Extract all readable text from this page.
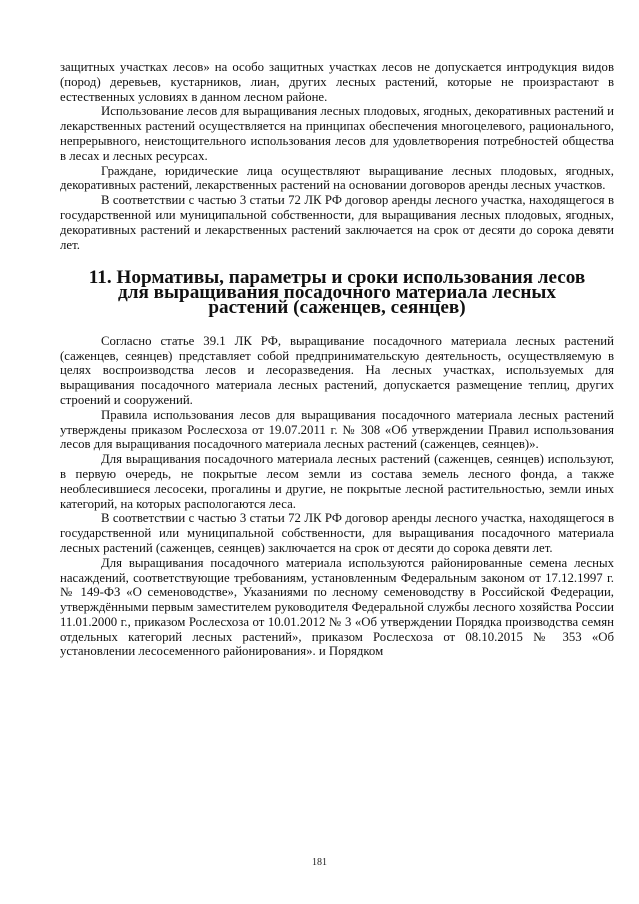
защитных участках лесов» на особо защитных участках лесов не допускается интродукция видов (пород) деревьев, кустарников, лиан, других лесных растений, которые не произрастают в естественных условиях в данном лесном районе.

Использование лесов для выращивания лесных плодовых, ягодных, декоративных растений и лекарственных растений осуществляется на принципах обеспечения многоцелевого, рационального, непрерывного, неистощительного использования лесов для удовлетворения потребностей общества в лесах и лесных ресурсах.

Граждане, юридические лица осуществляют выращивание лесных плодовых, ягодных, декоративных растений, лекарственных растений на основании договоров аренды лесных участков.

В соответствии с частью 3 статьи 72 ЛК РФ договор аренды лесного участка, находящегося в государственной или муниципальной собственности, для выращивания лесных плодовых, ягодных, декоративных растений и лекарственных растений заключается на срок от десяти до сорока девяти лет.

11. Нормативы, параметры и сроки использования лесов для выращивания посадочного материала лесных растений (саженцев, сеянцев)

Согласно статье 39.1 ЛК РФ, выращивание посадочного материала лесных растений (саженцев, сеянцев) представляет собой предпринимательскую деятельность, осуществляемую в целях воспроизводства лесов и лесоразведения. На лесных участках, используемых для выращивания посадочного материала лесных растений, допускается размещение теплиц, других строений и сооружений.

Правила использования лесов для выращивания посадочного материала лесных растений утверждены приказом Рослесхоза от 19.07.2011 г. № 308 «Об утверждении Правил использования лесов для выращивания посадочного материала лесных растений (саженцев, сеянцев)».

Для выращивания посадочного материала лесных растений (саженцев, сеянцев) используют, в первую очередь, не покрытые лесом земли из состава земель лесного фонда, а также необлесившиеся лесосеки, прогалины и другие, не покрытые лесной растительностью, земли иных категорий, на которых распологаются леса.

В соответствии с частью 3 статьи 72 ЛК РФ договор аренды лесного участка, находящегося в государственной или муниципальной собственности, для выращивания посадочного материала лесных растений (саженцев, сеянцев) заключается на срок от десяти до сорока девяти лет.

Для выращивания посадочного материала используются районированные семена лесных насаждений, соответствующие требованиям, установленным Федеральным законом от 17.12.1997 г. № 149-ФЗ «О семеноводстве», Указаниями по лесному семеноводству в Российской Федерации, утверждёнными первым заместителем руководителя Федеральной службы лесного хозяйства России 11.01.2000 г., приказом Рослесхоза от 10.01.2012 № 3 «Об утверждении Порядка производства семян отдельных категорий лесных растений», приказом Рослесхоза от 08.10.2015 № 353 «Об установлении лесосеменного районирования». и Порядком

181
